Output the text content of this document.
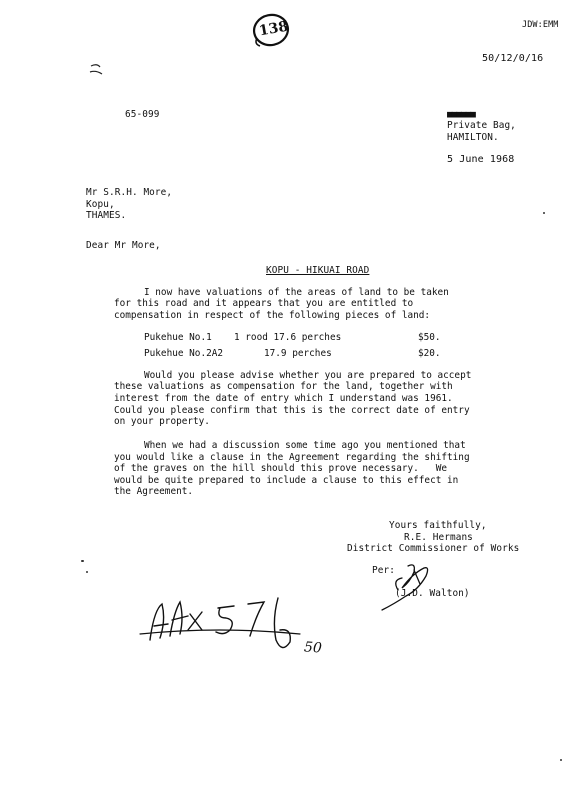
JDW:EMM
138
50/12/0/16
65-099	■■■■■■
Private Bag,
HAMILTON.
5 June 1968
Mr S.R.H. More,
Kopu,
THAMES.
Dear Mr More,
KOPU - HIKUAI ROAD
I now have valuations of the areas of land to be taken
for this road and it appears that you are entitled to
compensation in respect of the following pieces of land:
Pukehue No.1 1 rood 17.6 perches	$50.
Pukehue No.2A2	17.9 perches	$20.
Would you please advise whether you are prepared to accept
these valuations as compensation for the land, together with
interest from the date of entry which I understand was 1961.
Could you please confirm that this is the correct date of entry
on your property.
When we had a discussion some time ago you mentioned that
you would like a clause in the Agreement regarding the shifting
of the graves on the hill should this prove necessary.   We
would be quite prepared to include a clause to this effect in
the Agreement.
Yours faithfully,
R.E. Hermans
District Commissioner of Works
Per:
(J.D. Walton)
50
